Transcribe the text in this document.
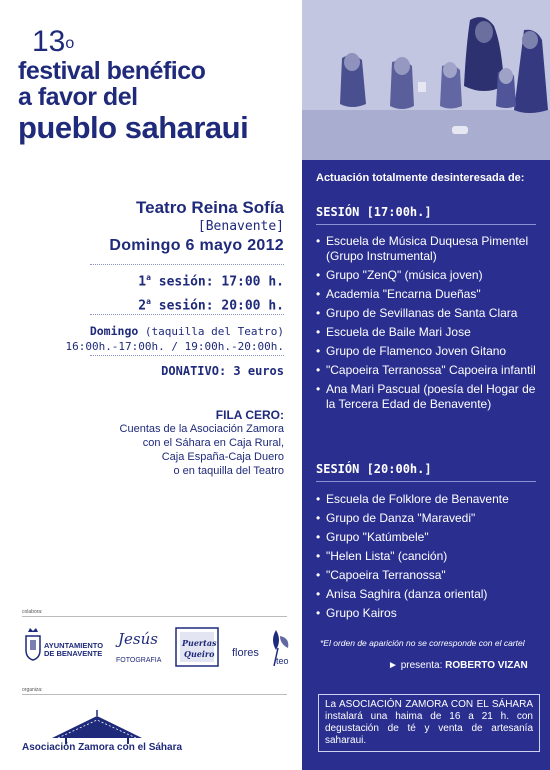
13$^o$
festival benéfico
a favor del
pueblo saharaui
Teatro Reina Sofía
[Benavente]
Domingo 6 mayo 2012
1$^a$ sesión: 17:00 h.
2$^a$ sesión: 20:00 h.
Domingo (taquilla del Teatro)
16:00h.-17:00h. / 19:00h.-20:00h.
DONATIVO: 3 euros
FILA CERO:
Cuentas de la Asociación Zamora
con el Sáhara en Caja Rural,
Caja España-Caja Duero
o en taquilla del Teatro
colabora:
AYUNTAMIENTO
DE BENAVENTE
Jesús
FOTOGRAFIA
Puertas
Queiro flores
teo
organiza:
Asociación Zamora con el Sáhara
Actuación totalmente desinteresada de:
SESIÓN [17:00h.]
• Escuela de Música Duquesa Pimentel (Grupo Instrumental)
• Grupo "ZenQ" (música joven)
• Academia "Encarna Dueñas"
• Grupo de Sevillanas de Santa Clara
• Escuela de Baile Mari Jose
• Grupo de Flamenco Joven Gitano
• "Capoeira Terranossa" Capoeira infantil
• Ana Mari Pascual (poesía del Hogar de la Tercera Edad de Benavente)
SESIÓN [20:00h.]
• Escuela de Folklore de Benavente
• Grupo de Danza "Maravedi"
• Grupo "Katúmbele"
• "Helen Lista" (canción)
• "Capoeira Terranossa"
• Anisa Saghira (danza oriental)
• Grupo Kairos
*El orden de aparición no se corresponde con el cartel
► presenta: ROBERTO VIZAN
La ASOCIACIÓN ZAMORA CON EL SÁHARA instalará una haima de 16 a 21 h. con degustación de té y venta de artesanía saharaui.
